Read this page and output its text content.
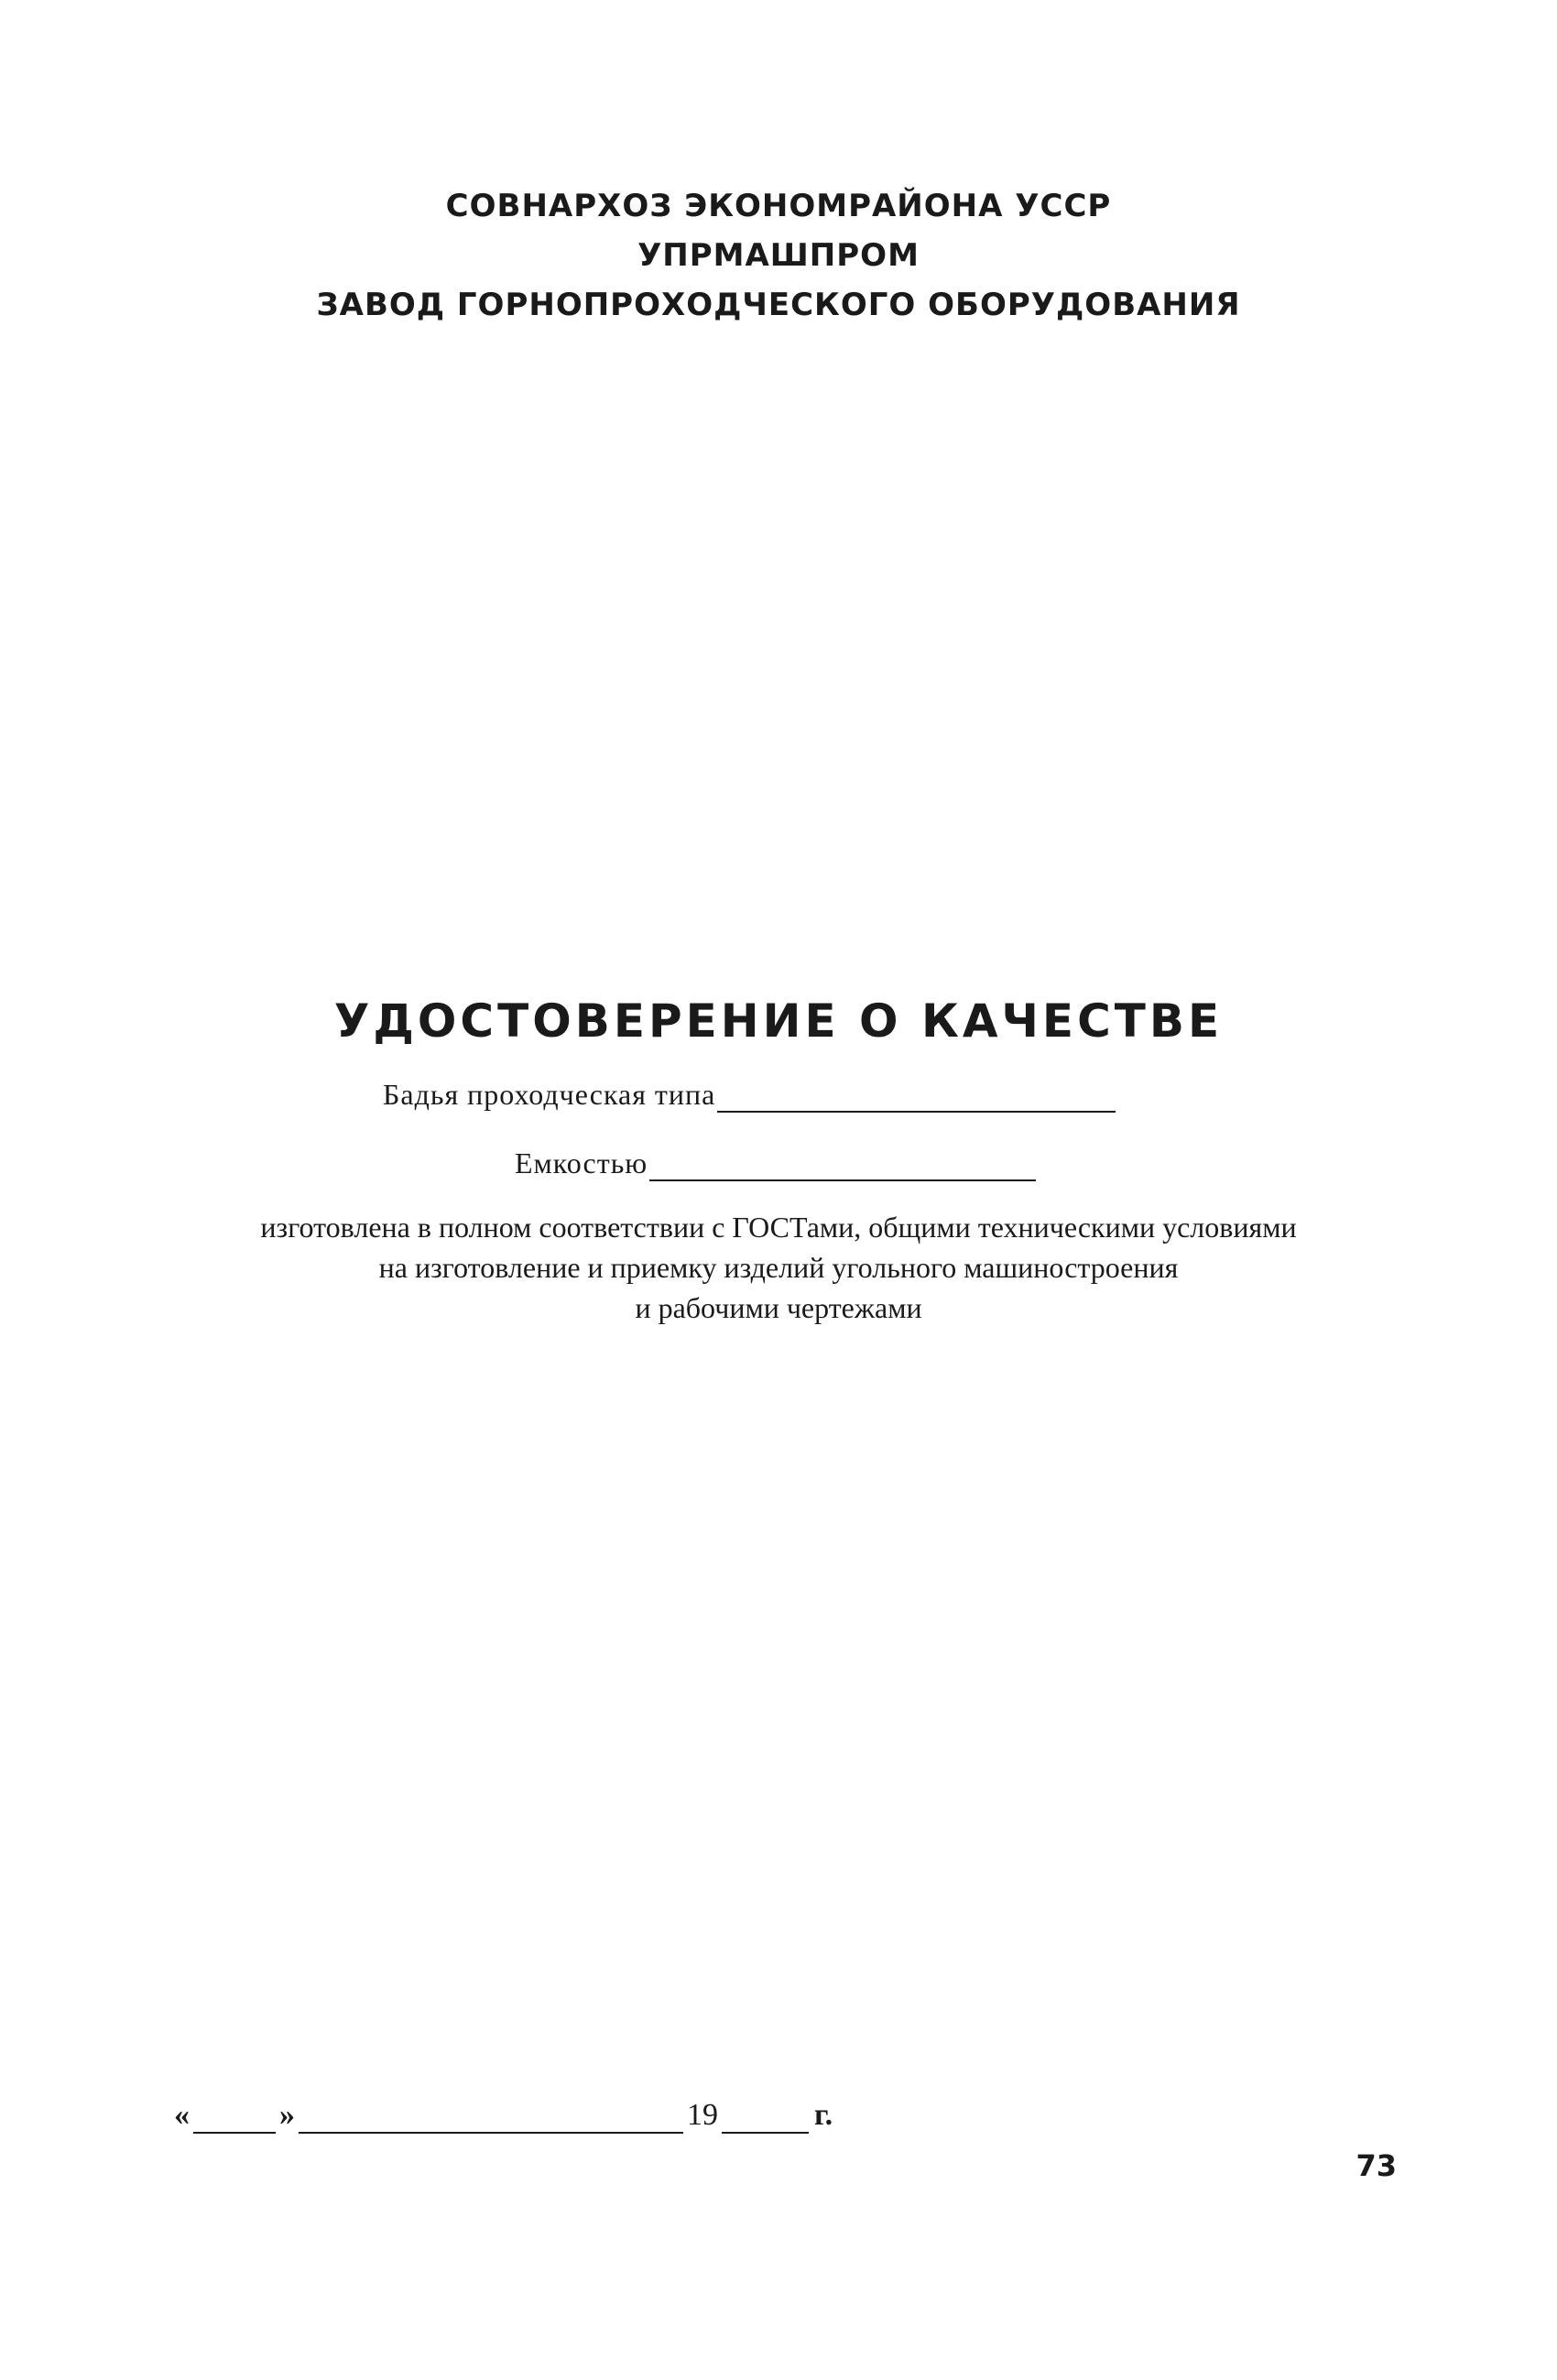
СОВНАРХОЗ ЭКОНОМРАЙОНА УССР
УПРМАШПРОМ
ЗАВОД ГОРНОПРОХОДЧЕСКОГО ОБОРУДОВАНИЯ
УДОСТОВЕРЕНИЕ О КАЧЕСТВЕ
Бадья проходческая типа
Емкостью
изготовлена в полном соответствии с ГОСТами, общими техническими условиями
на изготовление и приемку изделий угольного машиностроения
и рабочими чертежами
«	»	19	г.
73
